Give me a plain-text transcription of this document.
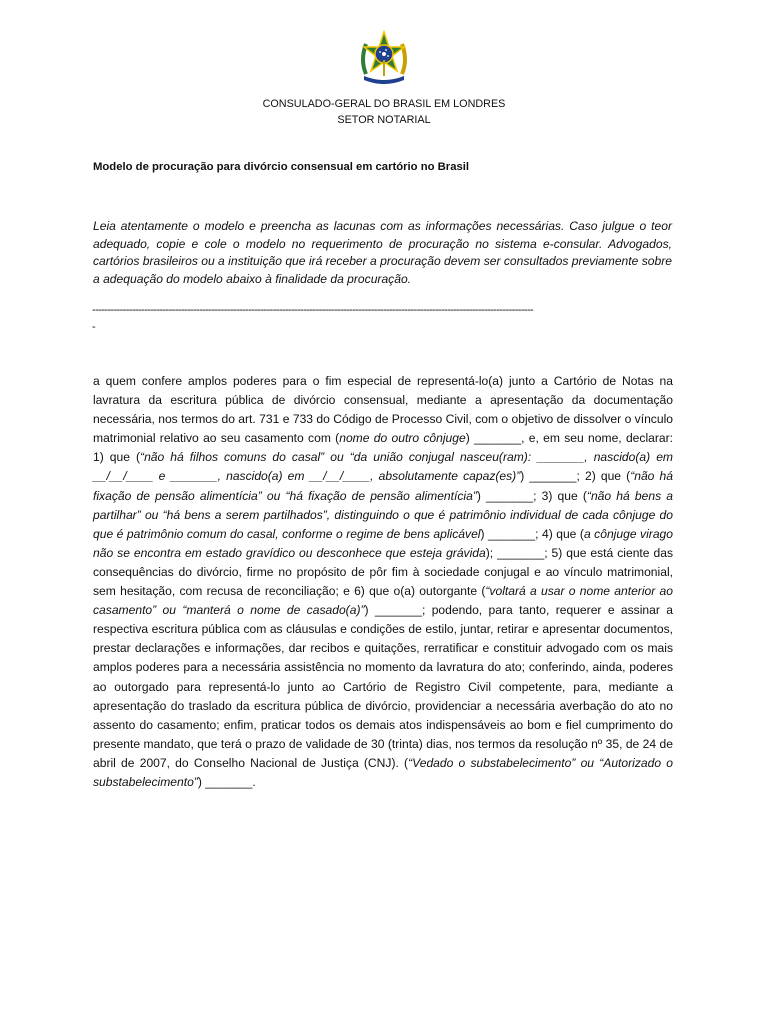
CONSULADO-GERAL DO BRASIL EM LONDRES
SETOR NOTARIAL
Modelo de procuração para divórcio consensual em cartório no Brasil
Leia atentamente o modelo e preencha as lacunas com as informações necessárias. Caso julgue o teor adequado, copie e cole o modelo no requerimento de procuração no sistema e-consular. Advogados, cartórios brasileiros ou a instituição que irá receber a procuração devem ser consultados previamente sobre a adequação do modelo abaixo à finalidade da procuração.
------------------------------------------------------------------------------------------------------------------------------------------------
-
a quem confere amplos poderes para o fim especial de representá-lo(a) junto a Cartório de Notas na lavratura da escritura pública de divórcio consensual, mediante a apresentação da documentação necessária, nos termos do art. 731 e 733 do Código de Processo Civil, com o objetivo de dissolver o vínculo matrimonial relativo ao seu casamento com (nome do outro cônjuge) _______, e, em seu nome, declarar: 1) que (“não há filhos comuns do casal” ou “da união conjugal nasceu(ram): _______, nascido(a) em __/__/____ e _______, nascido(a) em __/__/____, absolutamente capaz(es)”) _______; 2) que (“não há fixação de pensão alimentícia” ou “há fixação de pensão alimentícia”) _______; 3) que (“não há bens a partilhar” ou “há bens a serem partilhados”, distinguindo o que é patrimônio individual de cada cônjuge do que é patrimônio comum do casal, conforme o regime de bens aplicável) _______; 4) que (a cônjuge virago não se encontra em estado gravídico ou desconhece que esteja grávida); _______; 5) que está ciente das consequências do divórcio, firme no propósito de pôr fim à sociedade conjugal e ao vínculo matrimonial, sem hesitação, com recusa de reconciliação; e 6) que o(a) outorgante (“voltará a usar o nome anterior ao casamento” ou “manterá o nome de casado(a)”) _______; podendo, para tanto, requerer e assinar a respectiva escritura pública com as cláusulas e condições de estilo, juntar, retirar e apresentar documentos, prestar declarações e informações, dar recibos e quitações, rerratificar e constituir advogado com os mais amplos poderes para a necessária assistência no momento da lavratura do ato; conferindo, ainda, poderes ao outorgado para representá-lo junto ao Cartório de Registro Civil competente, para, mediante a apresentação do traslado da escritura pública de divórcio, providenciar a necessária averbação do ato no assento do casamento; enfim, praticar todos os demais atos indispensáveis ao bom e fiel cumprimento do presente mandato, que terá o prazo de validade de 30 (trinta) dias, nos termos da resolução nº 35, de 24 de abril de 2007, do Conselho Nacional de Justiça (CNJ). (“Vedado o substabelecimento” ou “Autorizado o substabelecimento”) _______.
